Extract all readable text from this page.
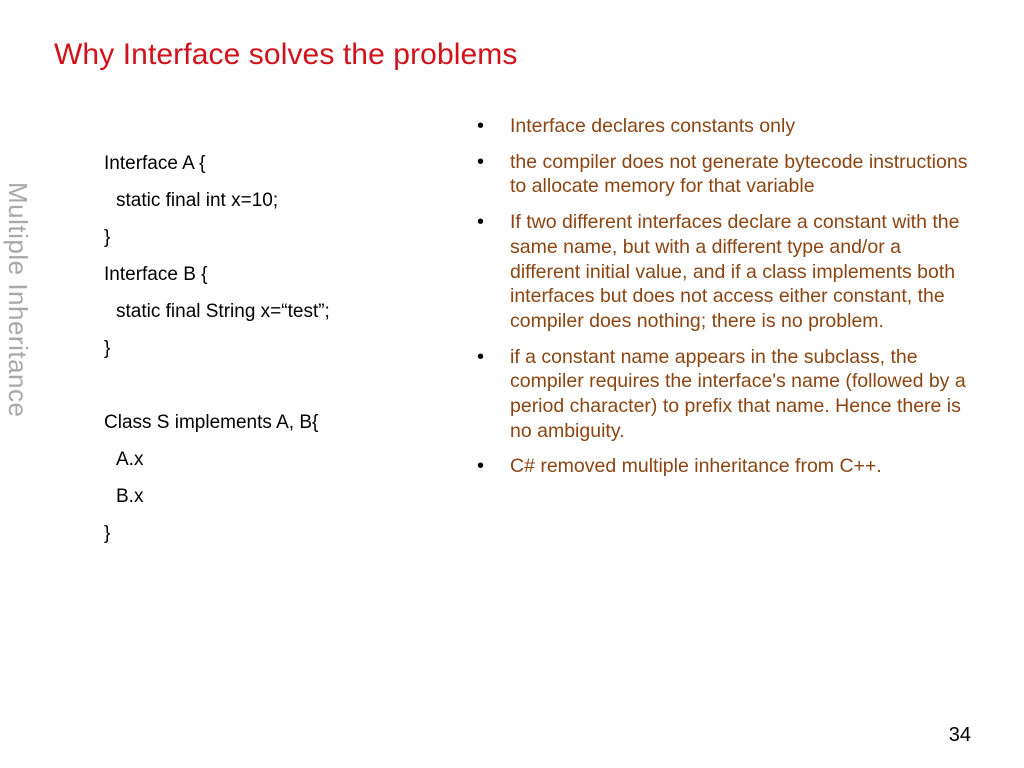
Why Interface solves the problems
Multiple Inheritance
Interface A {
static final int x=10;
}
Interface B {
static final String x=“test”;
}
Class S implements A, B{
A.x
B.x
}
• Interface declares constants only
• the compiler does not generate bytecode instructions to allocate memory for that variable
• If two different interfaces declare a constant with the same name, but with a different type and/or a different initial value, and if a class implements both interfaces but does not access either constant, the compiler does nothing; there is no problem.
• if a constant name appears in the subclass, the compiler requires the interface's name (followed by a period character) to prefix that name. Hence there is no ambiguity.
• C# removed multiple inheritance from C++.
34
